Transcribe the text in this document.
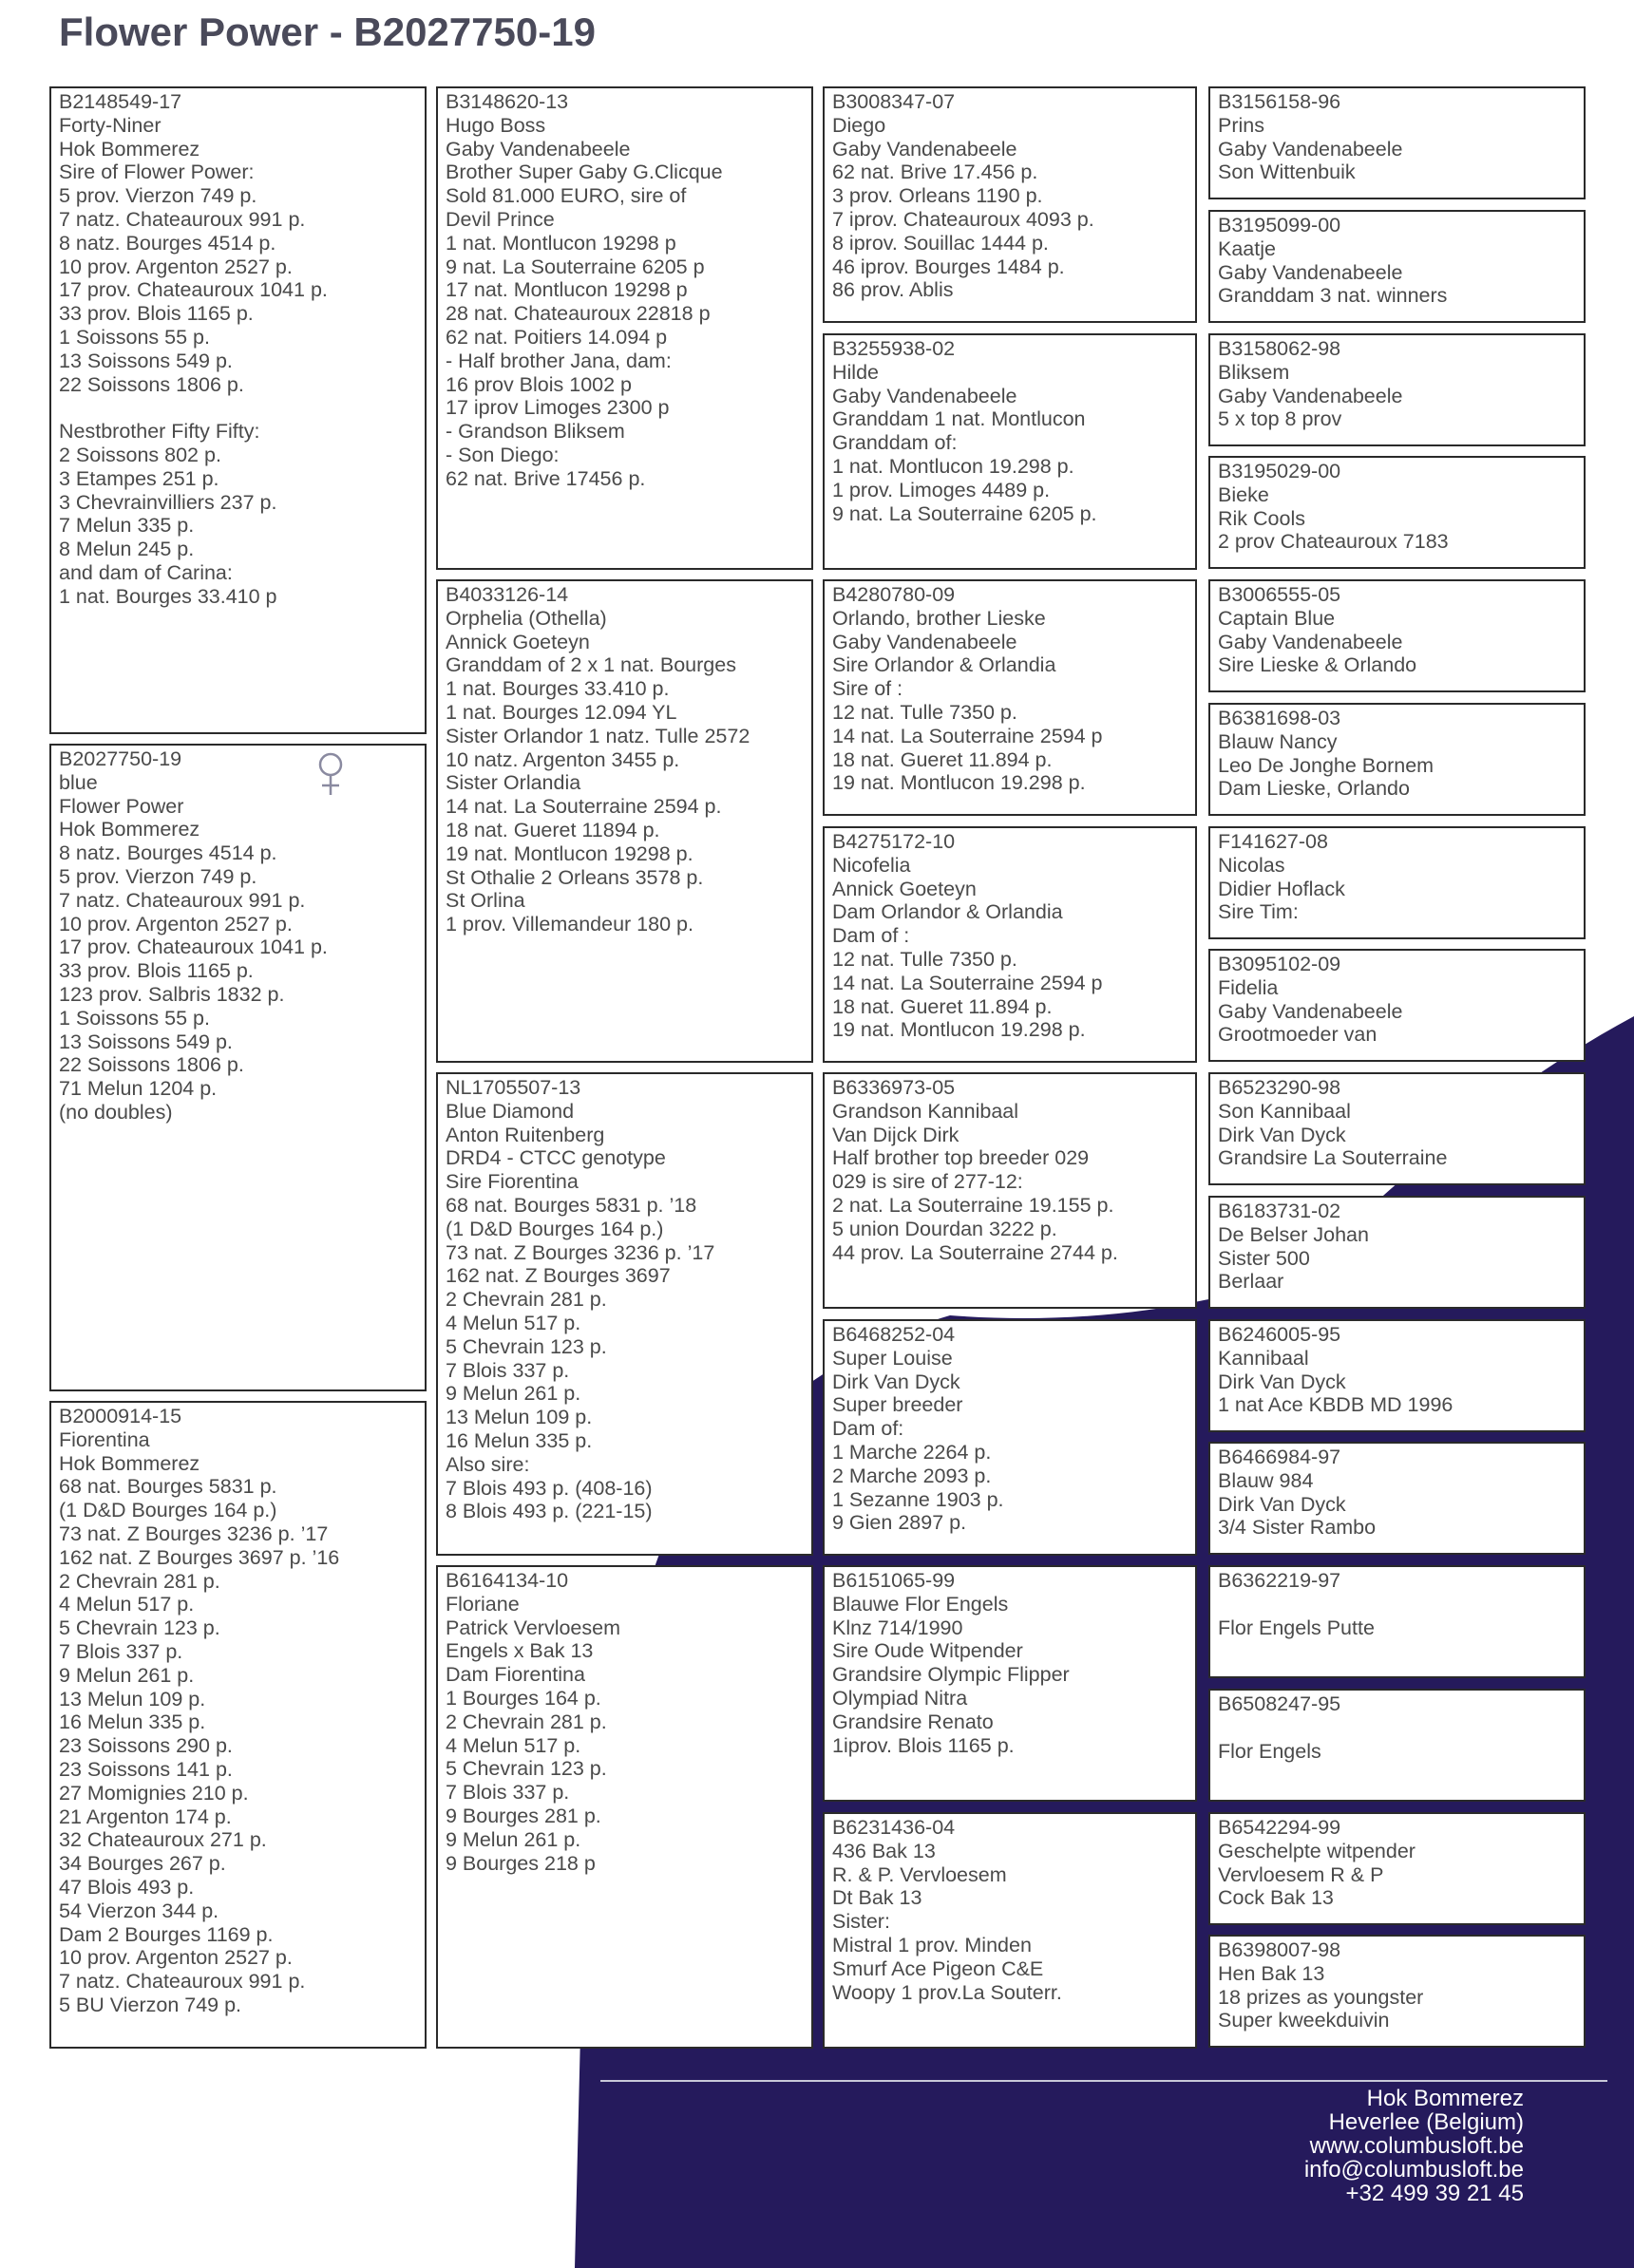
Flower Power - B2027750-19
B2148549-17
Forty-Niner
Hok Bommerez
Sire of Flower Power:
5 prov. Vierzon 749 p.
7 natz. Chateauroux 991 p.
8 natz. Bourges 4514 p.
10 prov. Argenton 2527 p.
17 prov. Chateauroux 1041 p.
33 prov. Blois 1165 p.
1 Soissons 55 p.
13 Soissons 549 p.
22 Soissons 1806 p.
Nestbrother Fifty Fifty:
2 Soissons 802 p.
3 Etampes 251 p.
3 Chevrainvilliers 237 p.
7 Melun 335 p.
8 Melun 245 p.
and dam of Carina:
1 nat. Bourges 33.410 p
B2027750-19
blue
Flower Power
Hok Bommerez
8 natz․ Bourges 4514 p.
5 prov. Vierzon 749 p.
7 natz. Chateauroux 991 p.
10 prov. Argenton 2527 p.
17 prov. Chateauroux 1041 p.
33 prov. Blois 1165 p.
123 prov. Salbris 1832 p.
1 Soissons 55 p.
13 Soissons 549 p.
22 Soissons 1806 p.
71 Melun 1204 p.
(no doubles)
B2000914-15
Fiorentina
Hok Bommerez
68 nat. Bourges 5831 p.
(1 D&D Bourges 164 p.)
73 nat. Z Bourges 3236 p. ’17
162 nat. Z Bourges 3697 p. ’16
2 Chevrain 281 p.
4 Melun 517 p.
5 Chevrain 123 p.
7 Blois 337 p.
9 Melun 261 p.
13 Melun 109 p.
16 Melun 335 p.
23 Soissons 290 p.
23 Soissons 141 p.
27 Momignies 210 p.
21 Argenton 174 p.
32 Chateauroux 271 p.
34 Bourges 267 p.
47 Blois 493 p.
54 Vierzon 344 p.
Dam 2 Bourges 1169 p.
10 prov. Argenton 2527 p.
7 natz. Chateauroux 991 p.
5 BU Vierzon 749 p.
B3148620-13
Hugo Boss
Gaby Vandenabeele
Brother Super Gaby G.Clicque
Sold 81.000 EURO, sire of
Devil Prince
1 nat. Montlucon 19298 p
9 nat. La Souterraine 6205 p
17 nat. Montlucon 19298 p
28 nat. Chateauroux 22818 p
62 nat. Poitiers 14.094 p
- Half brother Jana, dam:
16 prov Blois 1002 p
17 iprov Limoges 2300 p
- Grandson Bliksem
- Son Diego:
62 nat. Brive 17456 p.
B4033126-14
Orphelia (Othella)
Annick Goeteyn
Granddam of 2 x 1 nat. Bourges
1 nat. Bourges 33.410 p.
1 nat. Bourges 12.094 YL
Sister Orlandor 1 natz. Tulle 2572
10 natz. Argenton 3455 p.
Sister Orlandia
14 nat. La Souterraine 2594 p.
18 nat. Gueret 11894 p.
19 nat. Montlucon 19298 p.
St Othalie 2 Orleans 3578 p.
St Orlina
1 prov. Villemandeur 180 p.
NL1705507-13
Blue Diamond
Anton Ruitenberg
DRD4 - CTCC genotype
Sire Fiorentina
68 nat. Bourges 5831 p. ’18
(1 D&D Bourges 164 p.)
73 nat. Z Bourges 3236 p. ’17
162 nat. Z Bourges 3697
2 Chevrain 281 p.
4 Melun 517 p.
5 Chevrain 123 p.
7 Blois 337 p.
9 Melun 261 p.
13 Melun 109 p.
16 Melun 335 p.
Also sire:
7 Blois 493 p. (408-16)
8 Blois 493 p. (221-15)
B6164134-10
Floriane
Patrick Vervloesem
Engels x Bak 13
Dam Fiorentina
1 Bourges 164 p.
2 Chevrain 281 p.
4 Melun 517 p.
5 Chevrain 123 p.
7 Blois 337 p.
9 Bourges 281 p.
9 Melun 261 p.
9 Bourges 218 p
B3008347-07
Diego
Gaby Vandenabeele
62 nat. Brive 17.456 p.
3 prov. Orleans 1190 p.
7 iprov. Chateauroux 4093 p.
8 iprov. Souillac 1444 p.
46 iprov. Bourges 1484 p.
86 prov. Ablis
B3255938-02
Hilde
Gaby Vandenabeele
Granddam 1 nat. Montlucon
Granddam of:
1 nat. Montlucon 19.298 p.
1 prov. Limoges 4489 p.
9 nat. La Souterraine 6205 p.
B4280780-09
Orlando, brother Lieske
Gaby Vandenabeele
Sire Orlandor & Orlandia
Sire of :
12 nat. Tulle 7350 p.
14 nat. La Souterraine 2594 p
18 nat. Gueret 11.894 p.
19 nat. Montlucon 19.298 p.
B4275172-10
Nicofelia
Annick Goeteyn
Dam Orlandor & Orlandia
Dam of :
12 nat. Tulle 7350 p.
14 nat. La Souterraine 2594 p
18 nat. Gueret 11.894 p.
19 nat. Montlucon 19.298 p.
B6336973-05
Grandson Kannibaal
Van Dijck Dirk
Half brother top breeder 029
029 is sire of 277-12:
2 nat. La Souterraine 19.155 p.
5 union Dourdan 3222 p.
44 prov. La Souterraine 2744 p.
B6468252-04
Super Louise
Dirk Van Dyck
Super breeder
Dam of:
1 Marche 2264 p.
2 Marche 2093 p.
1 Sezanne 1903 p.
9 Gien 2897 p.
B6151065-99
Blauwe Flor Engels
Klnz 714/1990
Sire Oude Witpender
Grandsire Olympic Flipper
Olympiad Nitra
Grandsire Renato
1iprov. Blois 1165 p.
B6231436-04
436 Bak 13
R. & P. Vervloesem
Dt Bak 13
Sister:
Mistral 1 prov. Minden
Smurf Ace Pigeon C&E
Woopy 1 prov.La Souterr.
B3156158-96
Prins
Gaby Vandenabeele
Son Wittenbuik
B3195099-00
Kaatje
Gaby Vandenabeele
Granddam 3 nat. winners
B3158062-98
Bliksem
Gaby Vandenabeele
5 x top 8 prov
B3195029-00
Bieke
Rik Cools
2 prov Chateauroux 7183
B3006555-05
Captain Blue
Gaby Vandenabeele
Sire Lieske & Orlando
B6381698-03
Blauw Nancy
Leo De Jonghe Bornem
Dam Lieske, Orlando
F141627-08
Nicolas
Didier Hoflack
Sire Tim:
B3095102-09
Fidelia
Gaby Vandenabeele
Grootmoeder van
B6523290-98
Son Kannibaal
Dirk Van Dyck
Grandsire La Souterraine
B6183731-02
De Belser Johan
Sister 500
Berlaar
B6246005-95
Kannibaal
Dirk Van Dyck
1 nat Ace KBDB MD 1996
B6466984-97
Blauw 984
Dirk Van Dyck
3/4 Sister Rambo
B6362219-97
Flor Engels Putte
B6508247-95
Flor Engels
B6542294-99
Geschelpte witpender
Vervloesem R & P
Cock Bak 13
B6398007-98
Hen Bak 13
18 prizes as youngster
Super kweekduivin
Hok Bommerez
Heverlee (Belgium)
www.columbusloft.be
info@columbusloft.be
+32 499 39 21 45
